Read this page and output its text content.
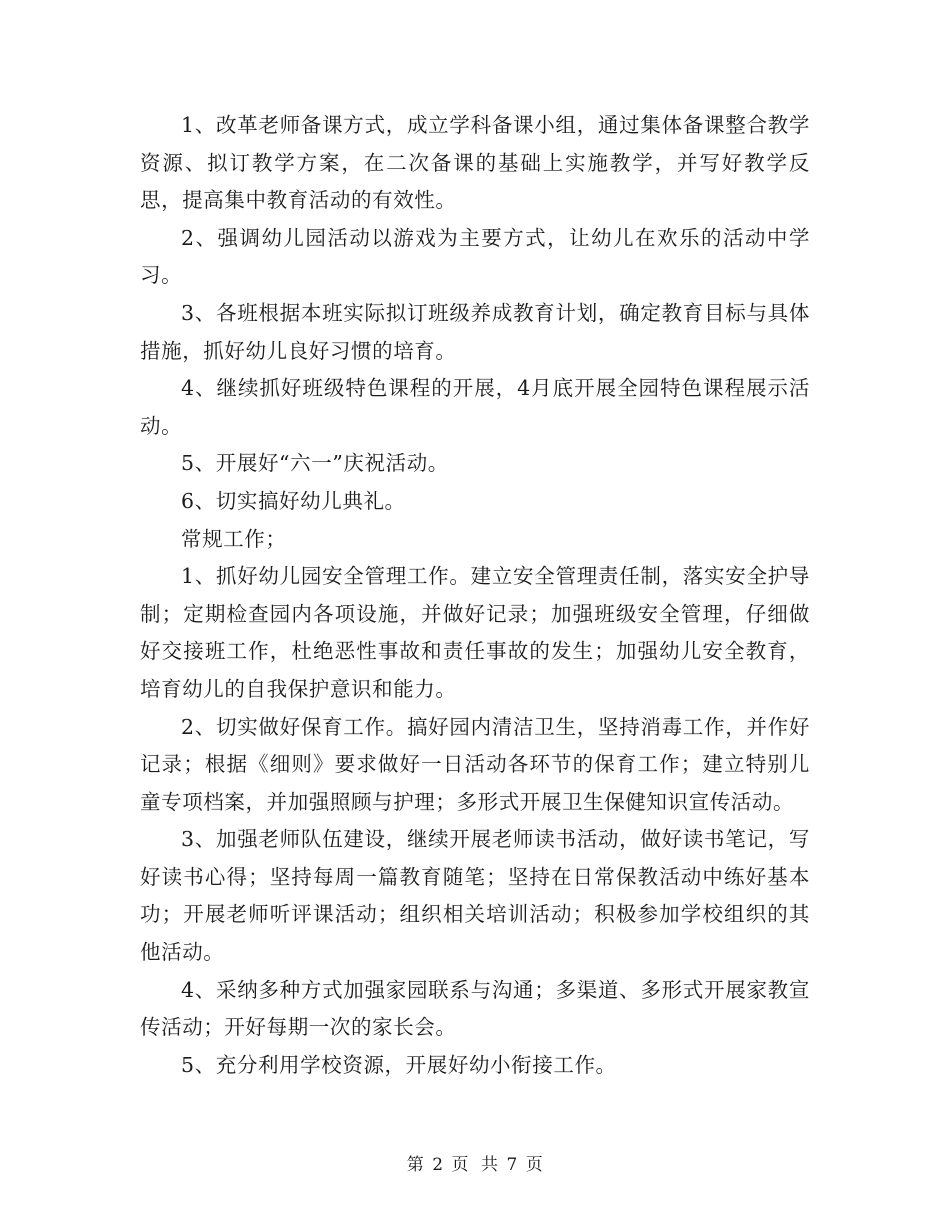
1、改革老师备课方式，成立学科备课小组，通过集体备课整合教学资源、拟订教学方案，在二次备课的基础上实施教学，并写好教学反思，提高集中教育活动的有效性。

2、强调幼儿园活动以游戏为主要方式，让幼儿在欢乐的活动中学习。

3、各班根据本班实际拟订班级养成教育计划，确定教育目标与具体措施，抓好幼儿良好习惯的培育。

4、继续抓好班级特色课程的开展，4月底开展全园特色课程展示活动。

5、开展好“六一”庆祝活动。

6、切实搞好幼儿典礼。

常规工作；

1、抓好幼儿园安全管理工作。建立安全管理责任制，落实安全护导制；定期检查园内各项设施，并做好记录；加强班级安全管理，仔细做好交接班工作，杜绝恶性事故和责任事故的发生；加强幼儿安全教育，培育幼儿的自我保护意识和能力。

2、切实做好保育工作。搞好园内清洁卫生，坚持消毒工作，并作好记录；根据《细则》要求做好一日活动各环节的保育工作；建立特别儿童专项档案，并加强照顾与护理；多形式开展卫生保健知识宣传活动。

3、加强老师队伍建设，继续开展老师读书活动，做好读书笔记，写好读书心得；坚持每周一篇教育随笔；坚持在日常保教活动中练好基本功；开展老师听评课活动；组织相关培训活动；积极参加学校组织的其他活动。

4、采纳多种方式加强家园联系与沟通；多渠道、多形式开展家教宣传活动；开好每期一次的家长会。

5、充分利用学校资源，开展好幼小衔接工作。

第 2 页 共 7 页
